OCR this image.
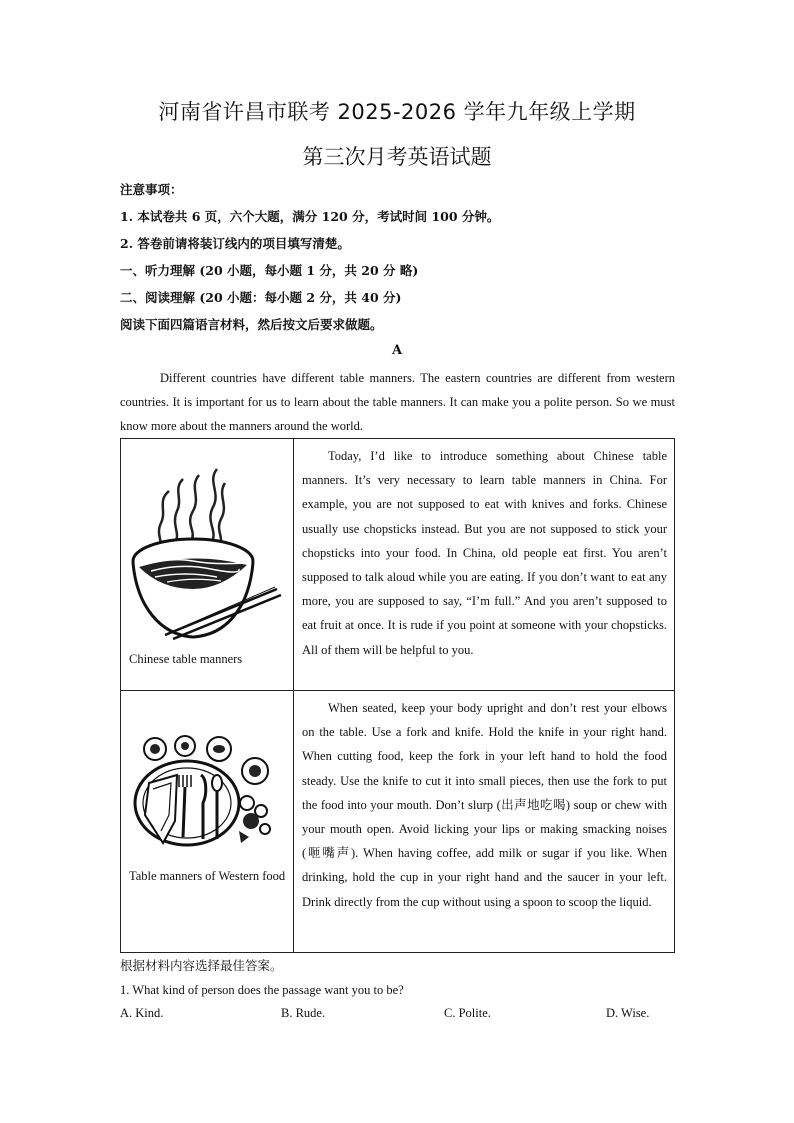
河南省许昌市联考 2025-2026 学年九年级上学期
第三次月考英语试题
注意事项：
1. 本试卷共 6 页，六个大题，满分 120 分，考试时间 100 分钟。
2. 答卷前请将装订线内的项目填写清楚。
一、听力理解 (20 小题，每小题 1 分，共 20 分 略)
二、阅读理解 (20 小题：每小题 2 分，共 40 分)
阅读下面四篇语言材料，然后按文后要求做题。
A
Different countries have different table manners. The eastern countries are different from western countries. It is important for us to learn about the table manners. It can make you a polite person. So we must know more about the manners around the world.
Chinese table manners	Today, I’d like to introduce something about Chinese table manners. It’s very necessary to learn table manners in China. For example, you are not supposed to eat with knives and forks. Chinese usually use chopsticks instead. But you are not supposed to stick your chopsticks into your food. In China, old people eat first. You aren’t supposed to talk aloud while you are eating. If you don’t want to eat any more, you are supposed to say, “I’m full.” And you aren’t supposed to eat fruit at once. It is rude if you point at someone with your chopsticks. All of them will be helpful to you.

Table manners of Western food	When seated, keep your body upright and don’t rest your elbows on the table. Use a fork and knife. Hold the knife in your right hand. When cutting food, keep the fork in your left hand to hold the food steady. Use the knife to cut it into small pieces, then use the fork to put the food into your mouth. Don’t slurp (出声地吃喝) soup or chew with your mouth open. Avoid licking your lips or making smacking noises (咂嘴声). When having coffee, add milk or sugar if you like. When drinking, hold the cup in your right hand and the saucer in your left. Drink directly from the cup without using a spoon to scoop the liquid.
根据材料内容选择最佳答案。
1. What kind of person does the passage want you to be?
A. Kind.	B. Rude.	C. Polite.	D. Wise.
